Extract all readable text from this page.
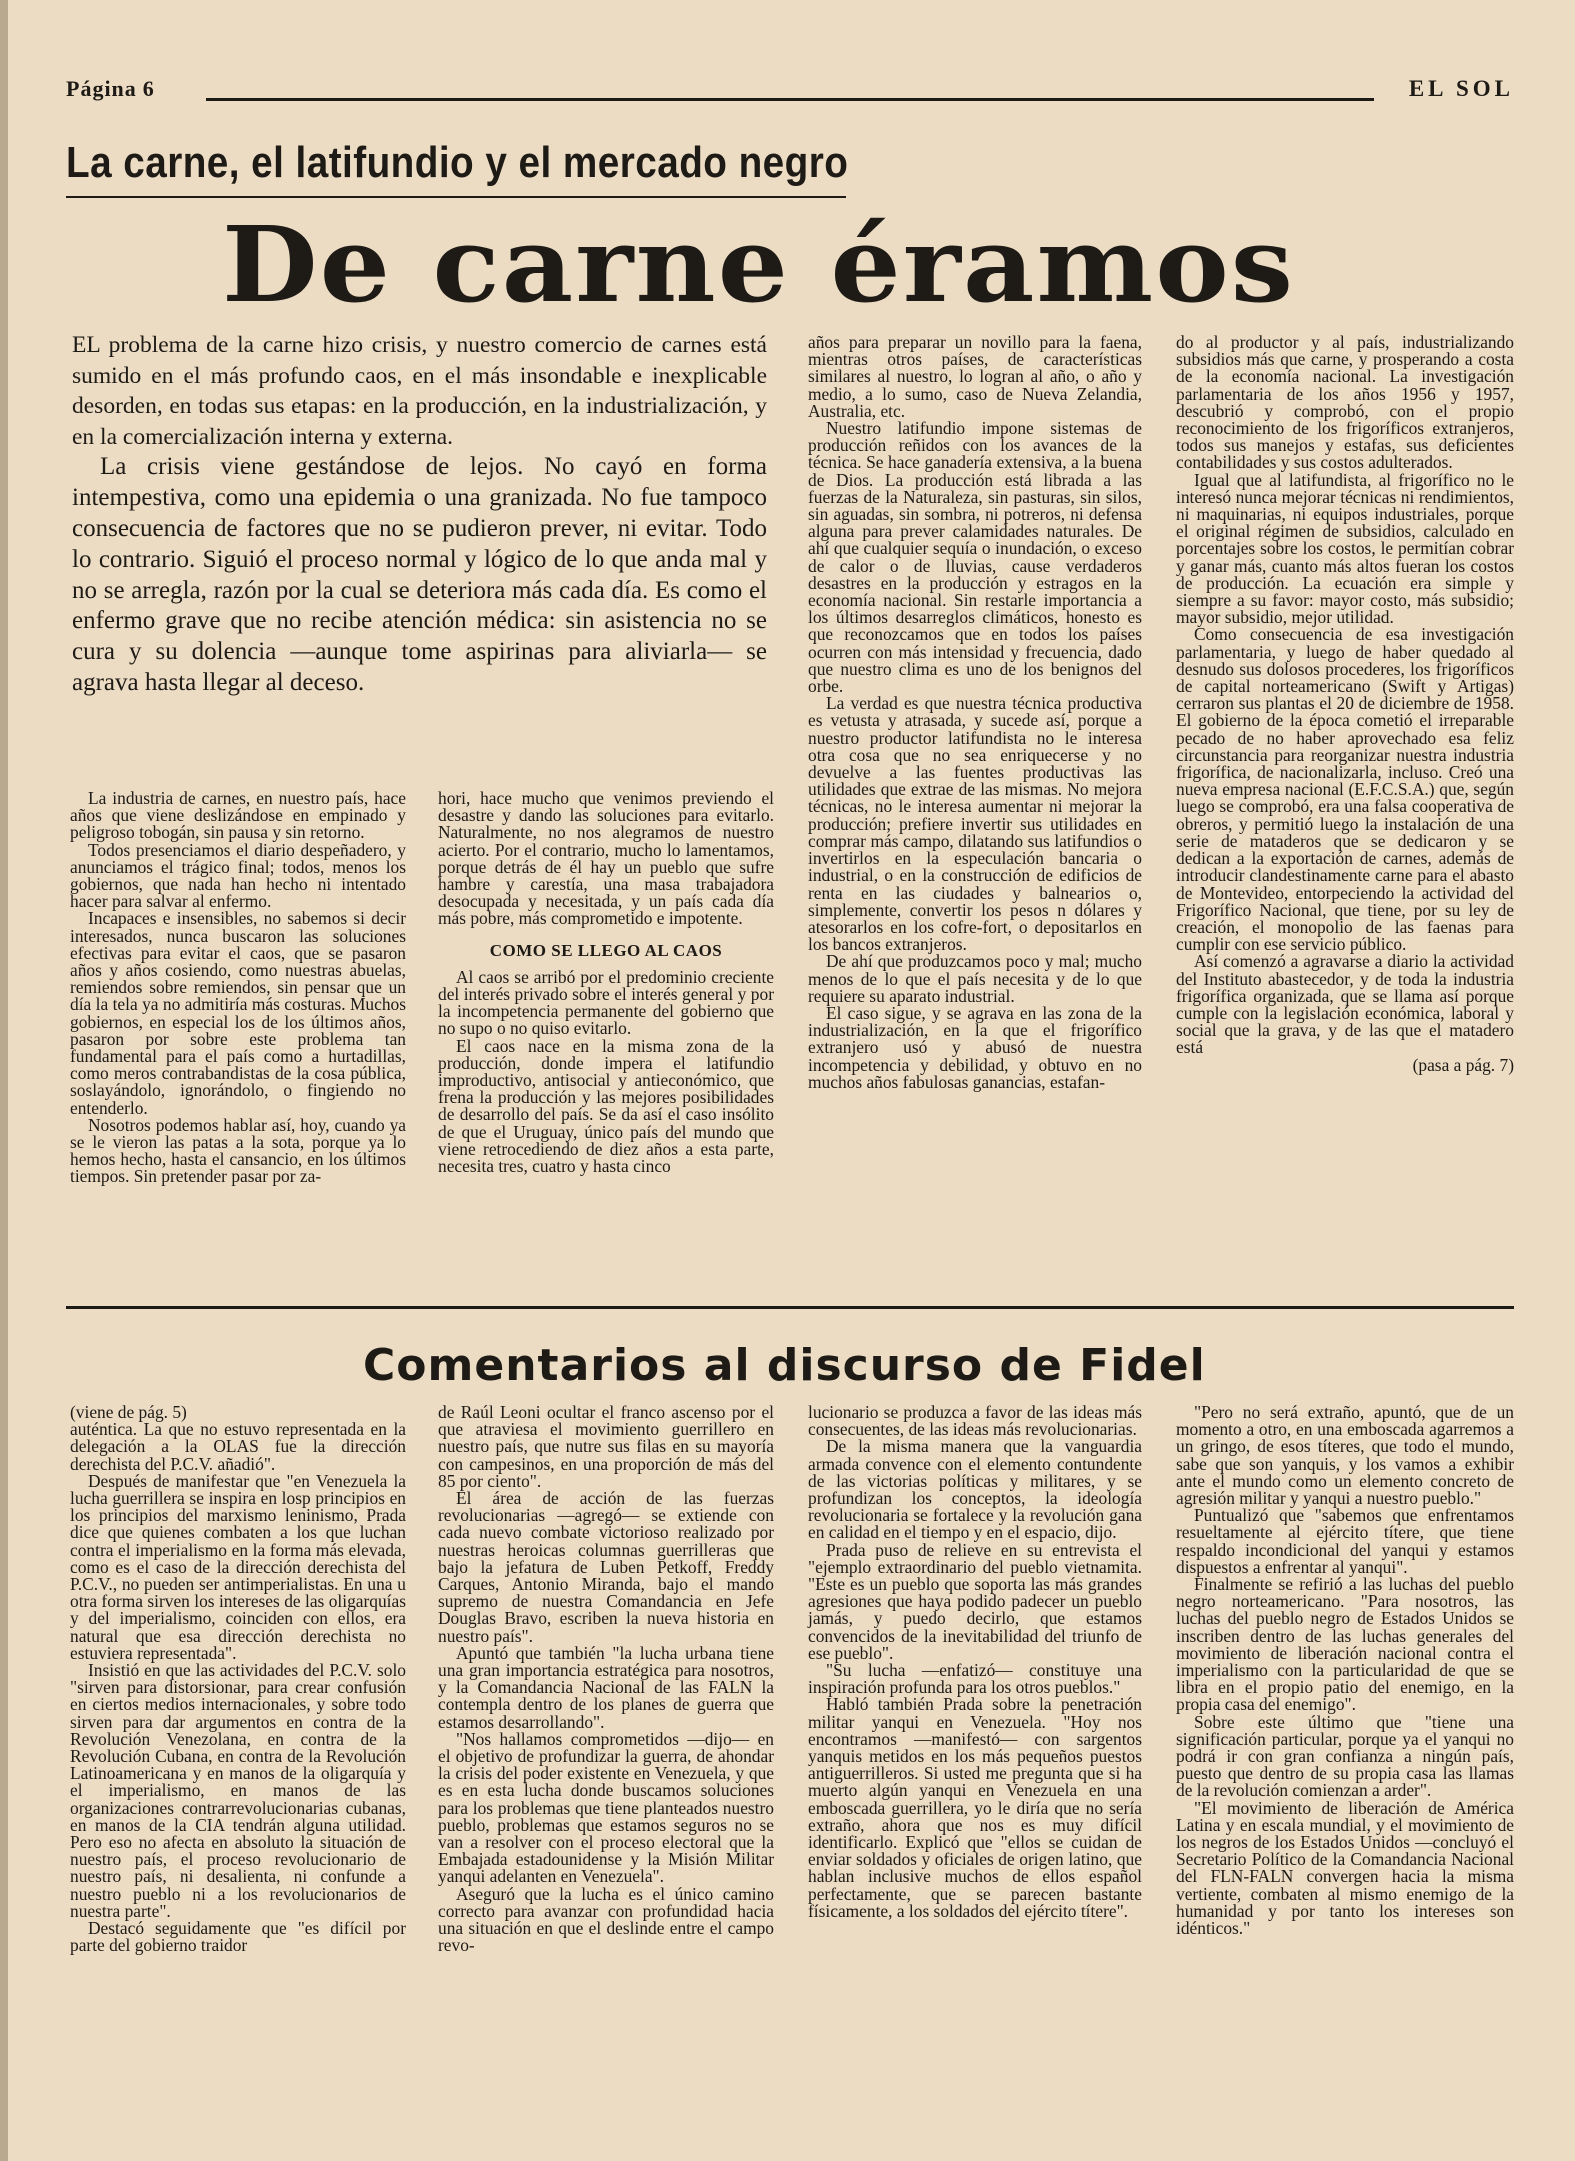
Página 6	EL SOL
La carne, el latifundio y el mercado negro
De carne éramos

EL problema de la carne hizo crisis, y nuestro comercio de carnes está sumido en el más profundo caos, en el más insondable e inexplicable desorden, en todas sus etapas: en la producción, en la industrialización, y en la comercialización interna y externa.

La crisis viene gestándose de lejos. No cayó en forma intempestiva, como una epidemia o una granizada. No fue tampoco consecuencia de factores que no se pudieron prever, ni evitar. Todo lo contrario. Siguió el proceso normal y lógico de lo que anda mal y no se arregla, razón por la cual se deteriora más cada día. Es como el enfermo grave que no recibe atención médica: sin asistencia no se cura y su dolencia —aunque tome aspirinas para aliviarla— se agrava hasta llegar al deceso.

La industria de carnes, en nuestro país, hace años que viene deslizándose en empinado y peligroso tobogán, sin pausa y sin retorno.

Todos presenciamos el diario despeñadero, y anunciamos el trágico final; todos, menos los gobiernos, que nada han hecho ni intentado hacer para salvar al enfermo.

Incapaces e insensibles, no sabemos si decir interesados, nunca buscaron las soluciones efectivas para evitar el caos, que se pasaron años y años cosiendo, como nuestras abuelas, remiendos sobre remiendos, sin pensar que un día la tela ya no admitiría más costuras. Muchos gobiernos, en especial los de los últimos años, pasaron por sobre este problema tan fundamental para el país como a hurtadillas, como meros contrabandistas de la cosa pública, soslayándolo, ignorándolo, o fingiendo no entenderlo.

Nosotros podemos hablar así, hoy, cuando ya se le vieron las patas a la sota, porque ya lo hemos hecho, hasta el cansancio, en los últimos tiempos. Sin pretender pasar por za-

hori, hace mucho que venimos previendo el desastre y dando las soluciones para evitarlo. Naturalmente, no nos alegramos de nuestro acierto. Por el contrario, mucho lo lamentamos, porque detrás de él hay un pueblo que sufre hambre y carestía, una masa trabajadora desocupada y necesitada, y un país cada día más pobre, más comprometido e impotente.

COMO SE LLEGO AL CAOS

Al caos se arribó por el predominio creciente del interés privado sobre el interés general y por la incompetencia permanente del gobierno que no supo o no quiso evitarlo.

El caos nace en la misma zona de la producción, donde impera el latifundio improductivo, antisocial y antieconómico, que frena la producción y las mejores posibilidades de desarrollo del país. Se da así el caso insólito de que el Uruguay, único país del mundo que viene retrocediendo de diez años a esta parte, necesita tres, cuatro y hasta cinco

años para preparar un novillo para la faena, mientras otros países, de características similares al nuestro, lo logran al año, o año y medio, a lo sumo, caso de Nueva Zelandia, Australia, etc.

Nuestro latifundio impone sistemas de producción reñidos con los avances de la técnica. Se hace ganadería extensiva, a la buena de Dios. La producción está librada a las fuerzas de la Naturaleza, sin pasturas, sin silos, sin aguadas, sin sombra, ni potreros, ni defensa alguna para prever calamidades naturales. De ahí que cualquier sequía o inundación, o exceso de calor o de lluvias, cause verdaderos desastres en la producción y estragos en la economía nacional. Sin restarle importancia a los últimos desarreglos climáticos, honesto es que reconozcamos que en todos los países ocurren con más intensidad y frecuencia, dado que nuestro clima es uno de los benignos del orbe.

La verdad es que nuestra técnica productiva es vetusta y atrasada, y sucede así, porque a nuestro productor latifundista no le interesa otra cosa que no sea enriquecerse y no devuelve a las fuentes productivas las utilidades que extrae de las mismas. No mejora técnicas, no le interesa aumentar ni mejorar la producción; prefiere invertir sus utilidades en comprar más campo, dilatando sus latifundios o invertirlos en la especulación bancaria o industrial, o en la construcción de edificios de renta en las ciudades y balnearios o, simplemente, convertir los pesos n dólares y atesorarlos en los cofre-fort, o depositarlos en los bancos extranjeros.

De ahí que produzcamos poco y mal; mucho menos de lo que el país necesita y de lo que requiere su aparato industrial.

El caso sigue, y se agrava en las zona de la industrialización, en la que el frigorífico extranjero usó y abusó de nuestra incompetencia y debilidad, y obtuvo en no muchos años fabulosas ganancias, estafan-

do al productor y al país, industrializando subsidios más que carne, y prosperando a costa de la economía nacional. La investigación parlamentaria de los años 1956 y 1957, descubrió y comprobó, con el propio reconocimiento de los frigoríficos extranjeros, todos sus manejos y estafas, sus deficientes contabilidades y sus costos adulterados.

Igual que al latifundista, al frigorífico no le interesó nunca mejorar técnicas ni rendimientos, ni maquinarias, ni equipos industriales, porque el original régimen de subsidios, calculado en porcentajes sobre los costos, le permitían cobrar y ganar más, cuanto más altos fueran los costos de producción. La ecuación era simple y siempre a su favor: mayor costo, más subsidio; mayor subsidio, mejor utilidad.

Como consecuencia de esa investigación parlamentaria, y luego de haber quedado al desnudo sus dolosos procederes, los frigoríficos de capital norteamericano (Swift y Artigas) cerraron sus plantas el 20 de diciembre de 1958. El gobierno de la época cometió el irreparable pecado de no haber aprovechado esa feliz circunstancia para reorganizar nuestra industria frigorífica, de nacionalizarla, incluso. Creó una nueva empresa nacional (E.F.C.S.A.) que, según luego se comprobó, era una falsa cooperativa de obreros, y permitió luego la instalación de una serie de mataderos que se dedicaron y se dedican a la exportación de carnes, además de introducir clandestinamente carne para el abasto de Montevideo, entorpeciendo la actividad del Frigorífico Nacional, que tiene, por su ley de creación, el monopolio de las faenas para cumplir con ese servicio público.

Así comenzó a agravarse a diario la actividad del Instituto abastecedor, y de toda la industria frigorífica organizada, que se llama así porque cumple con la legislación económica, laboral y social que la grava, y de las que el matadero está

(pasa a pág. 7)

Comentarios al discurso de Fidel

(viene de pág. 5)

auténtica. La que no estuvo representada en la delegación a la OLAS fue la dirección derechista del P.C.V. añadió".

Después de manifestar que "en Venezuela la lucha guerrillera se inspira en losp principios en los principios del marxismo leninismo, Prada dice que quienes combaten a los que luchan contra el imperialismo en la forma más elevada, como es el caso de la dirección derechista del P.C.V., no pueden ser antimperialistas. En una u otra forma sirven los intereses de las oligarquías y del imperialismo, coinciden con ellos, era natural que esa dirección derechista no estuviera representada".

Insistió en que las actividades del P.C.V. solo "sirven para distorsionar, para crear confusión en ciertos medios internacionales, y sobre todo sirven para dar argumentos en contra de la Revolución Venezolana, en contra de la Revolución Cubana, en contra de la Revolución Latinoamericana y en manos de la oligarquía y el imperialismo, en manos de las organizaciones contrarrevolucionarias cubanas, en manos de la CIA tendrán alguna utilidad. Pero eso no afecta en absoluto la situación de nuestro país, el proceso revolucionario de nuestro país, ni desalienta, ni confunde a nuestro pueblo ni a los revolucionarios de nuestra parte".

Destacó seguidamente que "es difícil por parte del gobierno traidor

de Raúl Leoni ocultar el franco ascenso por el que atraviesa el movimiento guerrillero en nuestro país, que nutre sus filas en su mayoría con campesinos, en una proporción de más del 85 por ciento".

El área de acción de las fuerzas revolucionarias —agregó— se extiende con cada nuevo combate victorioso realizado por nuestras heroicas columnas guerrilleras que bajo la jefatura de Luben Petkoff, Freddy Carques, Antonio Miranda, bajo el mando supremo de nuestra Comandancia en Jefe Douglas Bravo, escriben la nueva historia en nuestro país".

Apuntó que también "la lucha urbana tiene una gran importancia estratégica para nosotros, y la Comandancia Nacional de las FALN la contempla dentro de los planes de guerra que estamos desarrollando".

"Nos hallamos comprometidos —dijo— en el objetivo de profundizar la guerra, de ahondar la crisis del poder existente en Venezuela, y que es en esta lucha donde buscamos soluciones para los problemas que tiene planteados nuestro pueblo, problemas que estamos seguros no se van a resolver con el proceso electoral que la Embajada estadounidense y la Misión Militar yanqui adelanten en Venezuela".

Aseguró que la lucha es el único camino correcto para avanzar con profundidad hacia una situación en que el deslinde entre el campo revo-

lucionario se produzca a favor de las ideas más consecuentes, de las ideas más revolucionarias.

De la misma manera que la vanguardia armada convence con el elemento contundente de las victorias políticas y militares, y se profundizan los conceptos, la ideología revolucionaria se fortalece y la revolución gana en calidad en el tiempo y en el espacio, dijo.

Prada puso de relieve en su entrevista el "ejemplo extraordinario del pueblo vietnamita. "Este es un pueblo que soporta las más grandes agresiones que haya podido padecer un pueblo jamás, y puedo decirlo, que estamos convencidos de la inevitabilidad del triunfo de ese pueblo".

"Su lucha —enfatizó— constituye una inspiración profunda para los otros pueblos."

Habló también Prada sobre la penetración militar yanqui en Venezuela. "Hoy nos encontramos —manifestó— con sargentos yanquis metidos en los más pequeños puestos antiguerrilleros. Si usted me pregunta que si ha muerto algún yanqui en Venezuela en una emboscada guerrillera, yo le diría que no sería extraño, ahora que nos es muy difícil identificarlo. Explicó que "ellos se cuidan de enviar soldados y oficiales de origen latino, que hablan inclusive muchos de ellos español perfectamente, que se parecen bastante físicamente, a los soldados del ejército títere".

"Pero no será extraño, apuntó, que de un momento a otro, en una emboscada agarremos a un gringo, de esos títeres, que todo el mundo, sabe que son yanquis, y los vamos a exhibir ante el mundo como un elemento concreto de agresión militar y yanqui a nuestro pueblo."

Puntualizó que "sabemos que enfrentamos resueltamente al ejército títere, que tiene respaldo incondicional del yanqui y estamos dispuestos a enfrentar al yanqui".

Finalmente se refirió a las luchas del pueblo negro norteamericano. "Para nosotros, las luchas del pueblo negro de Estados Unidos se inscriben dentro de las luchas generales del movimiento de liberación nacional contra el imperialismo con la particularidad de que se libra en el propio patio del enemigo, en la propia casa del enemigo".

Sobre este último que "tiene una significación particular, porque ya el yanqui no podrá ir con gran confianza a ningún país, puesto que dentro de su propia casa las llamas de la revolución comienzan a arder".

"El movimiento de liberación de América Latina y en escala mundial, y el movimiento de los negros de los Estados Unidos —concluyó el Secretario Político de la Comandancia Nacional del FLN-FALN convergen hacia la misma vertiente, combaten al mismo enemigo de la humanidad y por tanto los intereses son idénticos."
